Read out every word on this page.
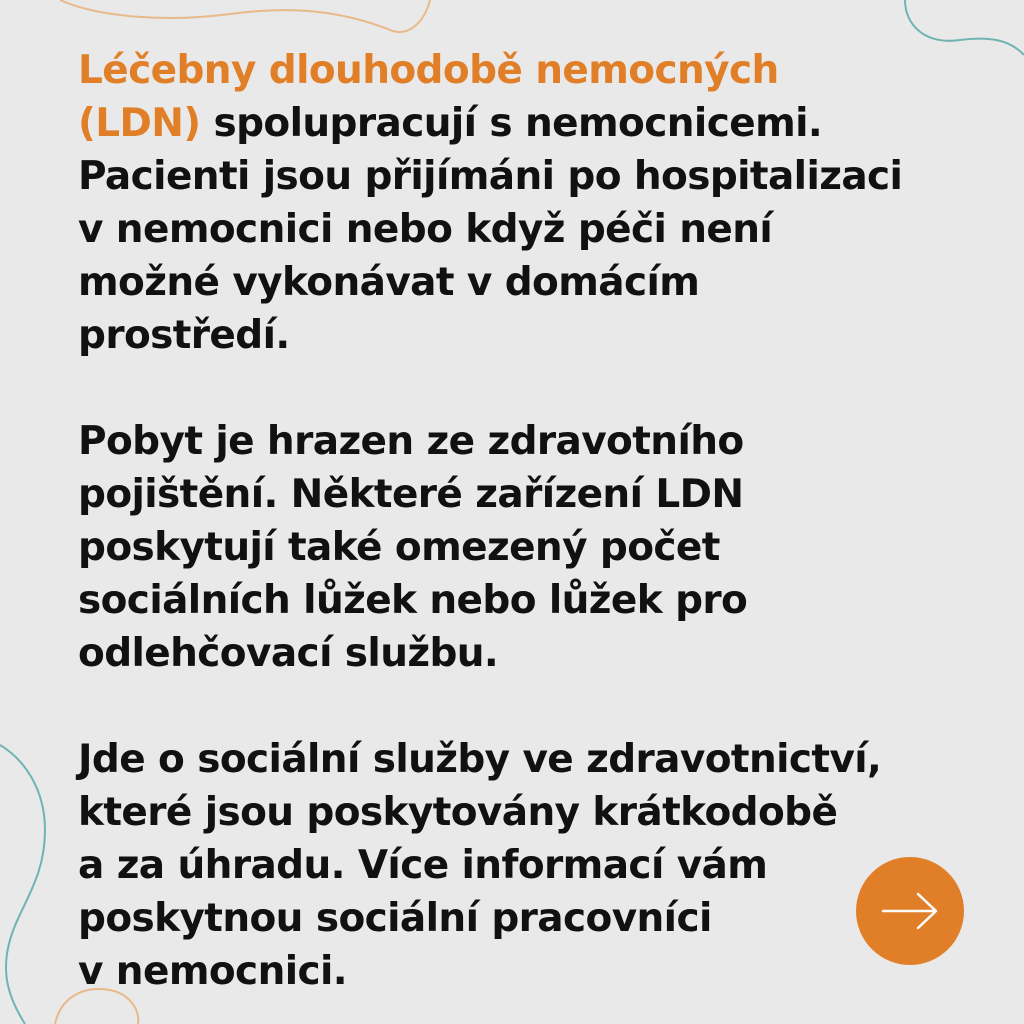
Léčebny dlouhodobě nemocných
(LDN) spolupracují s nemocnicemi.
Pacienti jsou přijímáni po hospitalizaci
v nemocnici nebo když péči není
možné vykonávat v domácím
prostředí.

Pobyt je hrazen ze zdravotního
pojištění. Některé zařízení LDN
poskytují také omezený počet
sociálních lůžek nebo lůžek pro
odlehčovací službu.

Jde o sociální služby ve zdravotnictví,
které jsou poskytovány krátkodobě
a za úhradu. Více informací vám
poskytnou sociální pracovníci
v nemocnici.
